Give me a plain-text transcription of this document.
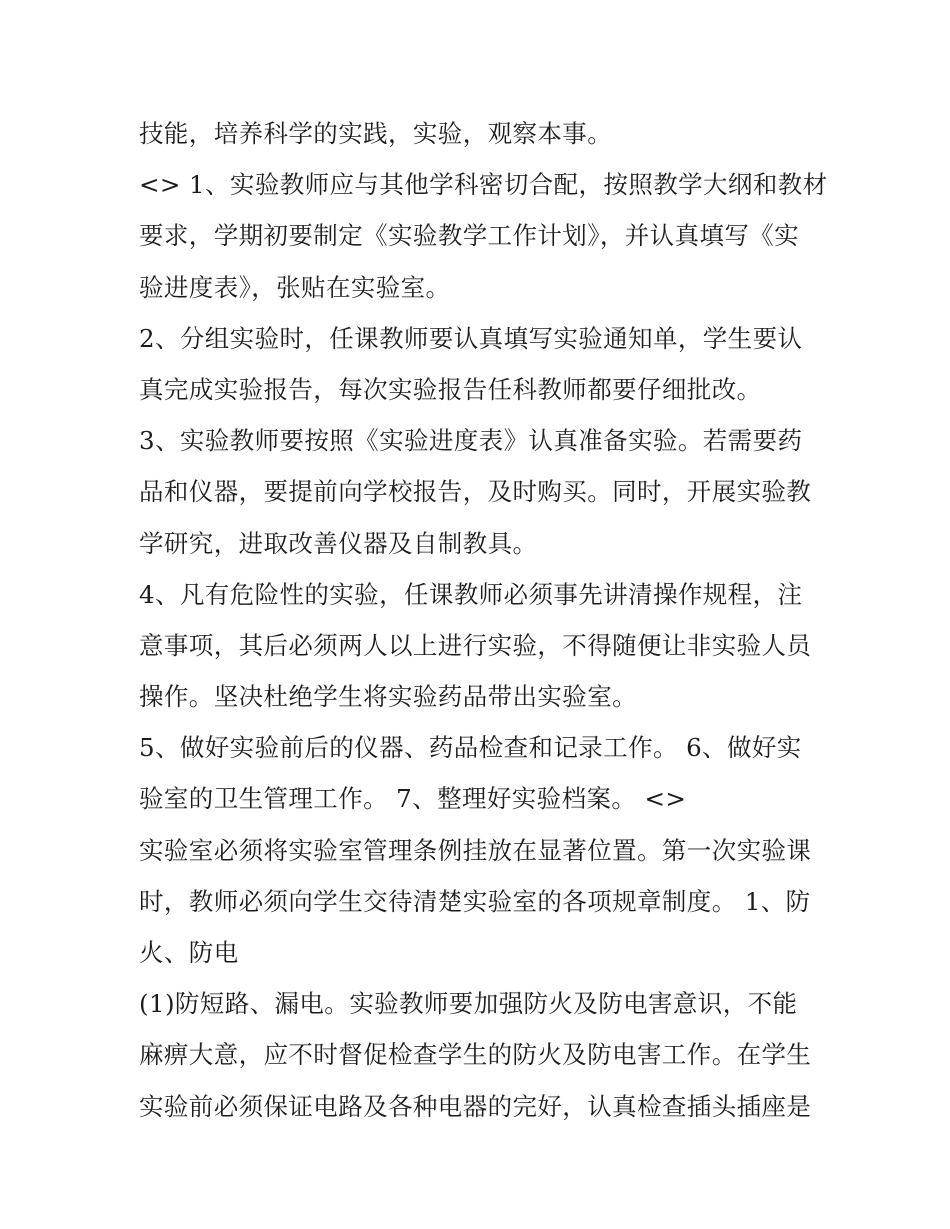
技能，培养科学的实践，实验，观察本事。
<> 1、实验教师应与其他学科密切合配，按照教学大纲和教材
要求，学期初要制定《实验教学工作计划》，并认真填写《实
验进度表》，张贴在实验室。
2、分组实验时，任课教师要认真填写实验通知单，学生要认
真完成实验报告，每次实验报告任科教师都要仔细批改。
3、实验教师要按照《实验进度表》认真准备实验。若需要药
品和仪器，要提前向学校报告，及时购买。同时，开展实验教
学研究，进取改善仪器及自制教具。
4、凡有危险性的实验，任课教师必须事先讲清操作规程，注
意事项，其后必须两人以上进行实验，不得随便让非实验人员
操作。坚决杜绝学生将实验药品带出实验室。
5、做好实验前后的仪器、药品检查和记录工作。 6、做好实
验室的卫生管理工作。 7、整理好实验档案。 <>
实验室必须将实验室管理条例挂放在显著位置。第一次实验课
时，教师必须向学生交待清楚实验室的各项规章制度。 1、防
火、防电
(1)防短路、漏电。实验教师要加强防火及防电害意识，不能
麻痹大意，应不时督促检查学生的防火及防电害工作。在学生
实验前必须保证电路及各种电器的完好，认真检查插头插座是
